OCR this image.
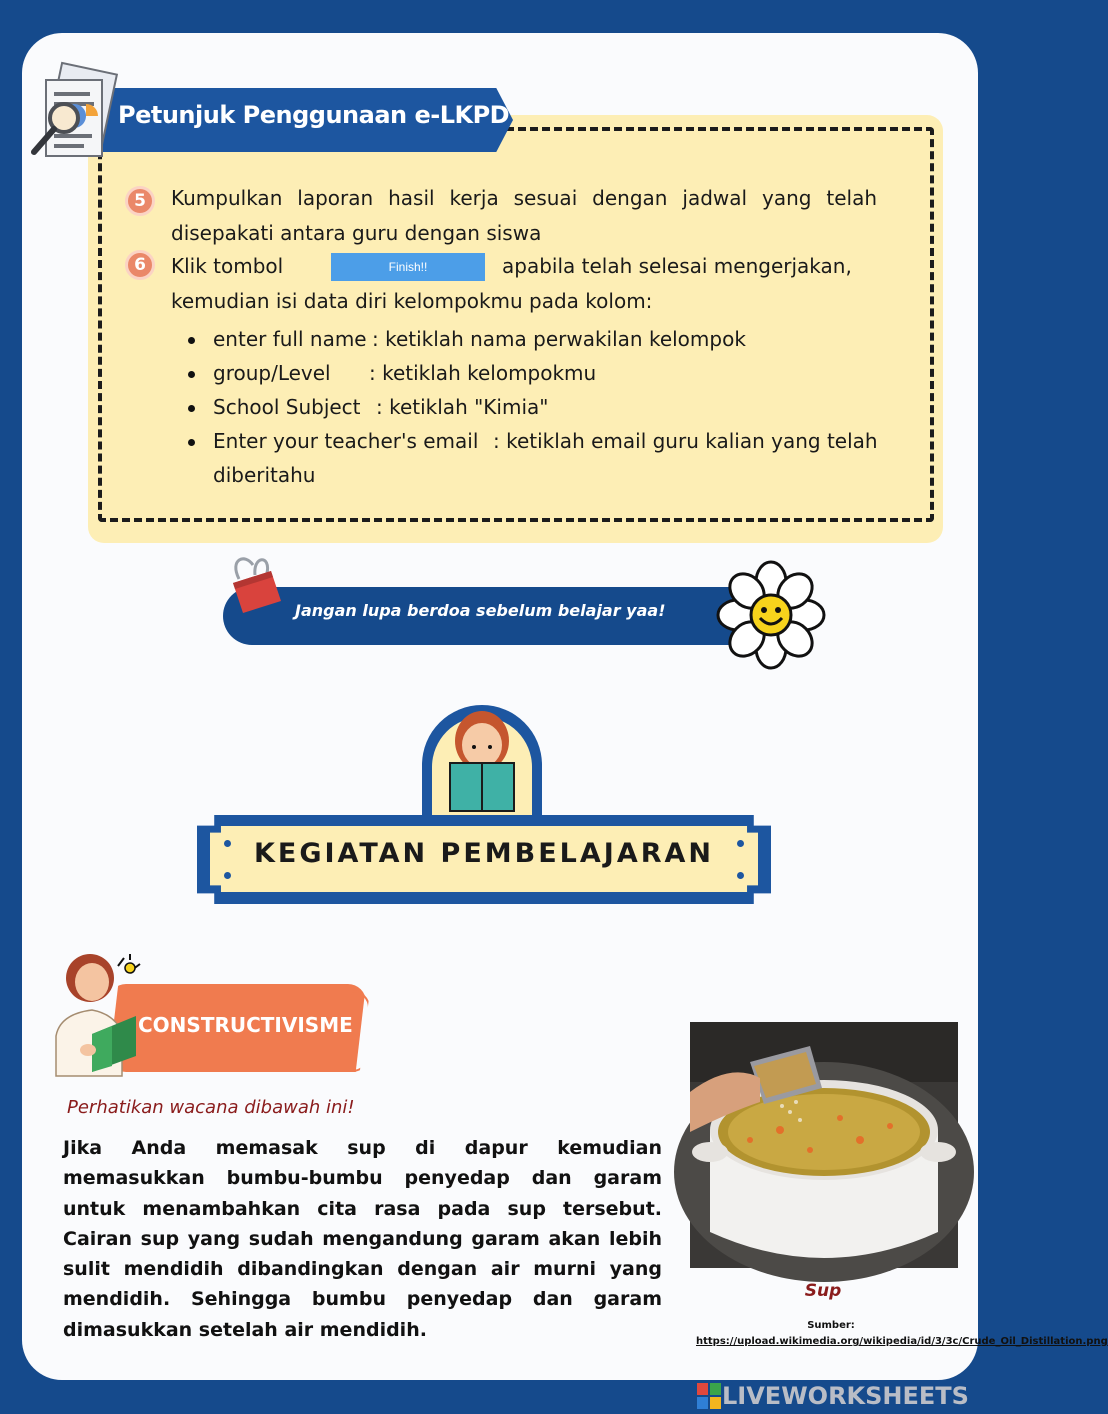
Petunjuk Penggunaan e-LKPD
5	Kumpulkan laporan hasil kerja sesuai dengan jadwal yang telah
disepakati antara guru dengan siswa
6	Klik tombol	Finish!!	apabila telah selesai mengerjakan,
kemudian isi data diri kelompokmu pada kolom:
enter full name : ketiklah nama perwakilan kelompok
group/Level : ketiklah kelompokmu
School Subject : ketiklah "Kimia"
Enter your teacher's email : ketiklah email guru kalian yang telah
diberitahu
Jangan lupa berdoa sebelum belajar yaa!
KEGIATAN PEMBELAJARAN
CONSTRUCTIVISME
Perhatikan wacana dibawah ini!
Jika Anda memasak sup di dapur kemudian memasukkan bumbu-bumbu penyedap dan garam untuk menambahkan cita rasa pada sup tersebut. Cairan sup yang sudah mengandung garam akan lebih sulit mendidih dibandingkan dengan air murni yang mendidih. Sehingga bumbu penyedap dan garam dimasukkan setelah air mendidih.
Sup
Sumber:
https://upload.wikimedia.org/wikipedia/id/3/3c/Crude_Oil_Distillation.png
LIVEWORKSHEETS
